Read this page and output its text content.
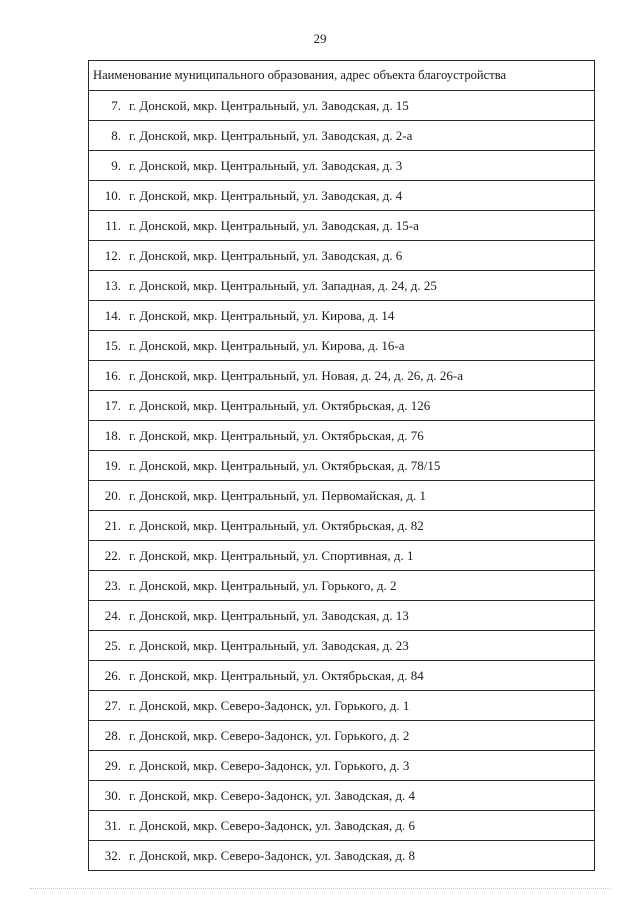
29
Наименование муниципального образования, адрес объекта благоустройства
7 . г. Донской, мкр. Центральный, ул. Заводская, д. 15
8 . г. Донской, мкр. Центральный, ул. Заводская, д. 2-а
9 . г. Донской, мкр. Центральный, ул. Заводская, д. 3
10 . г. Донской, мкр. Центральный, ул. Заводская, д. 4
11 . г. Донской, мкр. Центральный, ул. Заводская, д. 15-а
12 . г. Донской, мкр. Центральный, ул. Заводская, д. 6
13 . г. Донской, мкр. Центральный, ул. Западная, д. 24, д. 25
14 . г. Донской, мкр. Центральный, ул. Кирова, д. 14
15 . г. Донской, мкр. Центральный, ул. Кирова, д. 16-а
16 . г. Донской, мкр. Центральный, ул. Новая, д. 24, д. 26, д. 26-а
17 . г. Донской, мкр. Центральный, ул. Октябрьская, д. 126
18 . г. Донской, мкр. Центральный, ул. Октябрьская, д. 76
19 . г. Донской, мкр. Центральный, ул. Октябрьская, д. 78/15
20 . г. Донской, мкр. Центральный, ул. Первомайская, д. 1
21 . г. Донской, мкр. Центральный, ул. Октябрьская, д. 82
22 . г. Донской, мкр. Центральный, ул. Спортивная, д. 1
23 . г. Донской, мкр. Центральный, ул. Горького, д. 2
24 . г. Донской, мкр. Центральный, ул. Заводская, д. 13
25 . г. Донской, мкр. Центральный, ул. Заводская, д. 23
26 . г. Донской, мкр. Центральный, ул. Октябрьская, д. 84
27 . г. Донской, мкр. Северо-Задонск, ул. Горького, д. 1
28 . г. Донской, мкр. Северо-Задонск, ул. Горького, д. 2
29 . г. Донской, мкр. Северо-Задонск, ул. Горького, д. 3
30 . г. Донской, мкр. Северо-Задонск, ул. Заводская, д. 4
31 . г. Донской, мкр. Северо-Задонск, ул. Заводская, д. 6
32 . г. Донской, мкр. Северо-Задонск, ул. Заводская, д. 8
